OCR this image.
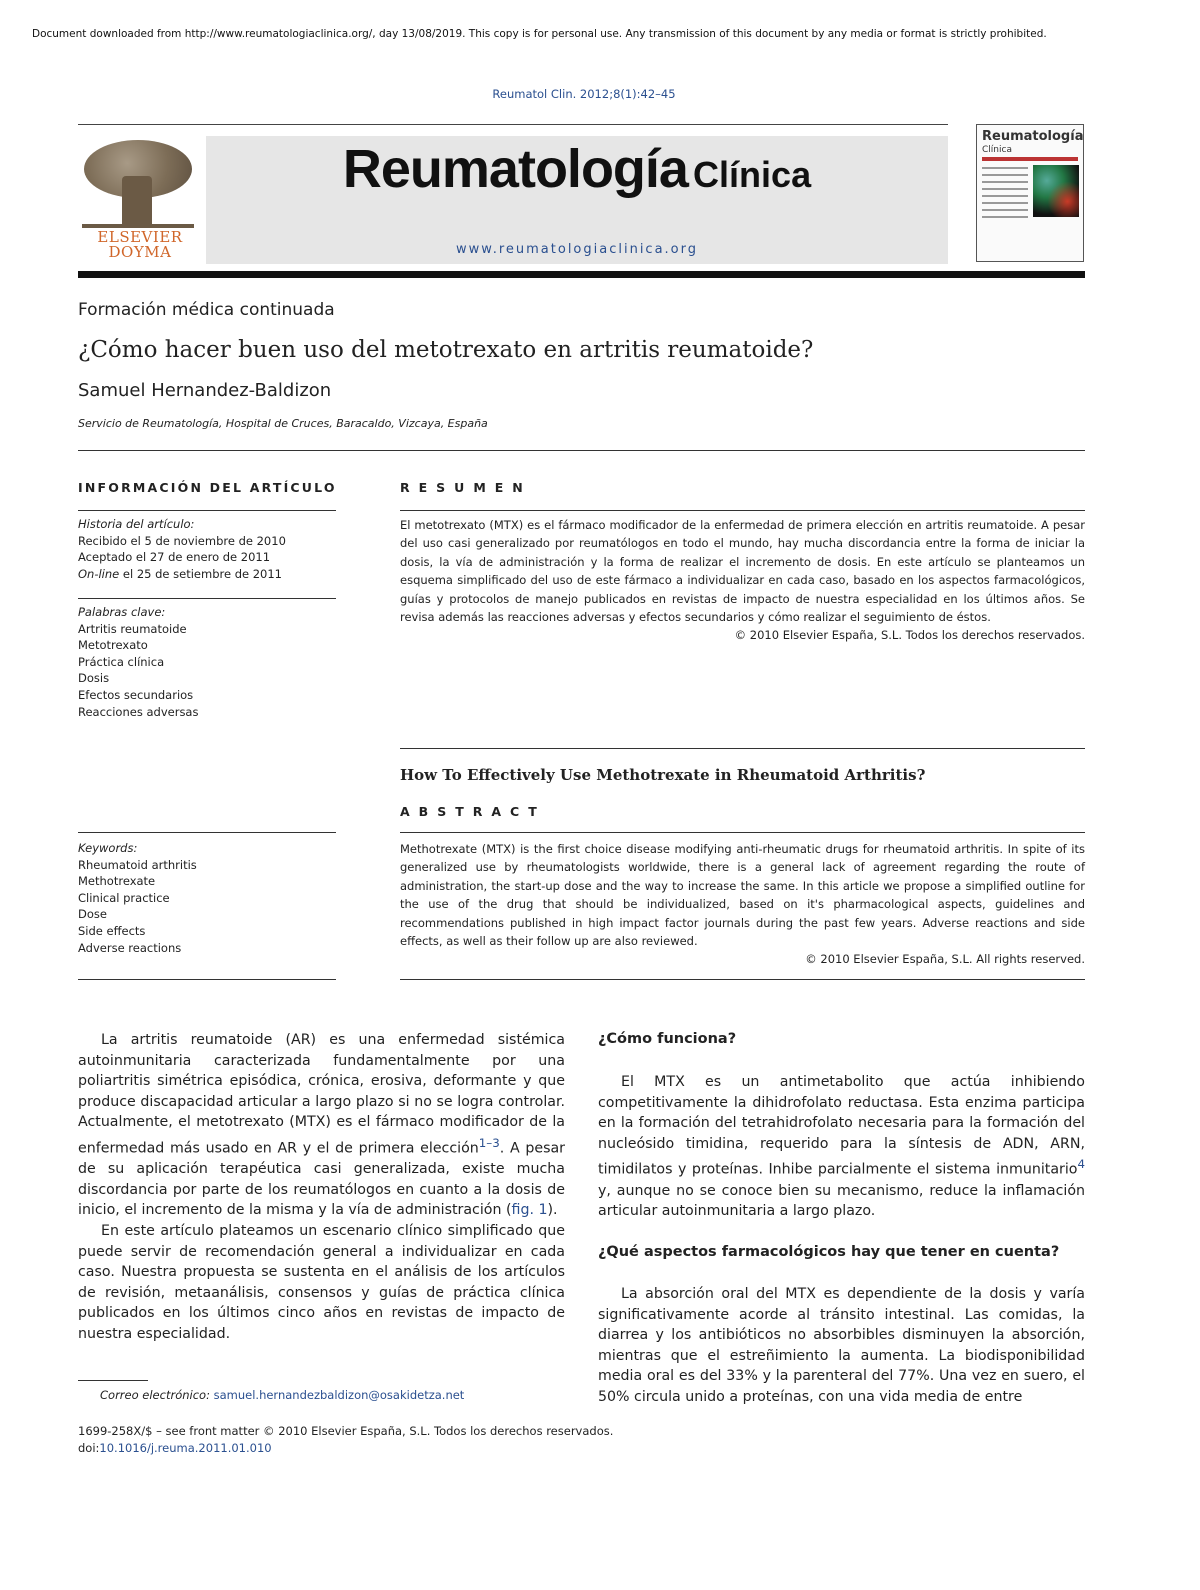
Document downloaded from http://www.reumatologiaclinica.org/, day 13/08/2019. This copy is for personal use. Any transmission of this document by any media or format is strictly prohibited.
Reumatol Clin. 2012;8(1):42–45
ELSEVIER
DOYMA
Reumatología Clínica
www.reumatologiaclinica.org
Reumatología
Clínica
Formación médica continuada
¿Cómo hacer buen uso del metotrexato en artritis reumatoide?
Samuel Hernandez-Baldizon
Servicio de Reumatología, Hospital de Cruces, Baracaldo, Vizcaya, España
INFORMACIÓN DEL ARTÍCULO	RESUMEN
Historia del artículo:
Recibido el 5 de noviembre de 2010
Aceptado el 27 de enero de 2011
On-line el 25 de setiembre de 2011
Palabras clave:
Artritis reumatoide
Metotrexato
Práctica clínica
Dosis
Efectos secundarios
Reacciones adversas
El metotrexato (MTX) es el fármaco modificador de la enfermedad de primera elección en artritis reumatoide. A pesar del uso casi generalizado por reumatólogos en todo el mundo, hay mucha discordancia entre la forma de iniciar la dosis, la vía de administración y la forma de realizar el incremento de dosis. En este artículo se planteamos un esquema simplificado del uso de este fármaco a individualizar en cada caso, basado en los aspectos farmacológicos, guías y protocolos de manejo publicados en revistas de impacto de nuestra especialidad en los últimos años. Se revisa además las reacciones adversas y efectos secundarios y cómo realizar el seguimiento de éstos.
© 2010 Elsevier España, S.L. Todos los derechos reservados.
How To Effectively Use Methotrexate in Rheumatoid Arthritis?
ABSTRACT
Keywords:
Rheumatoid arthritis
Methotrexate
Clinical practice
Dose
Side effects
Adverse reactions
Methotrexate (MTX) is the first choice disease modifying anti-rheumatic drugs for rheumatoid arthritis. In spite of its generalized use by rheumatologists worldwide, there is a general lack of agreement regarding the route of administration, the start-up dose and the way to increase the same. In this article we propose a simplified outline for the use of the drug that should be individualized, based on it's pharmacological aspects, guidelines and recommendations published in high impact factor journals during the past few years. Adverse reactions and side effects, as well as their follow up are also reviewed.
© 2010 Elsevier España, S.L. All rights reserved.

La artritis reumatoide (AR) es una enfermedad sistémica autoinmunitaria caracterizada fundamentalmente por una poliartritis simétrica episódica, crónica, erosiva, deformante y que produce discapacidad articular a largo plazo si no se logra controlar. Actualmente, el metotrexato (MTX) es el fármaco modificador de la enfermedad más usado en AR y el de primera elección$^{1-3}$. A pesar de su aplicación terapéutica casi generalizada, existe mucha discordancia por parte de los reumatólogos en cuanto a la dosis de inicio, el incremento de la misma y la vía de administración (fig. 1).

En este artículo plateamos un escenario clínico simplificado que puede servir de recomendación general a individualizar en cada caso. Nuestra propuesta se sustenta en el análisis de los artículos de revisión, metaanálisis, consensos y guías de práctica clínica publicados en los últimos cinco años en revistas de impacto de nuestra especialidad.

¿Cómo funciona?

El MTX es un antimetabolito que actúa inhibiendo competitivamente la dihidrofolato reductasa. Esta enzima participa en la formación del tetrahidrofolato necesaria para la formación del nucleósido timidina, requerido para la síntesis de ADN, ARN, timidilatos y proteínas. Inhibe parcialmente el sistema inmunitario$^4$ y, aunque no se conoce bien su mecanismo, reduce la inflamación articular autoinmunitaria a largo plazo.

¿Qué aspectos farmacológicos hay que tener en cuenta?

La absorción oral del MTX es dependiente de la dosis y varía significativamente acorde al tránsito intestinal. Las comidas, la diarrea y los antibióticos no absorbibles disminuyen la absorción, mientras que el estreñimiento la aumenta. La biodisponibilidad media oral es del 33% y la parenteral del 77%. Una vez en suero, el 50% circula unido a proteínas, con una vida media de entre

Correo electrónico: samuel.hernandezbaldizon@osakidetza.net
1699-258X/$ – see front matter © 2010 Elsevier España, S.L. Todos los derechos reservados.
doi:10.1016/j.reuma.2011.01.010
